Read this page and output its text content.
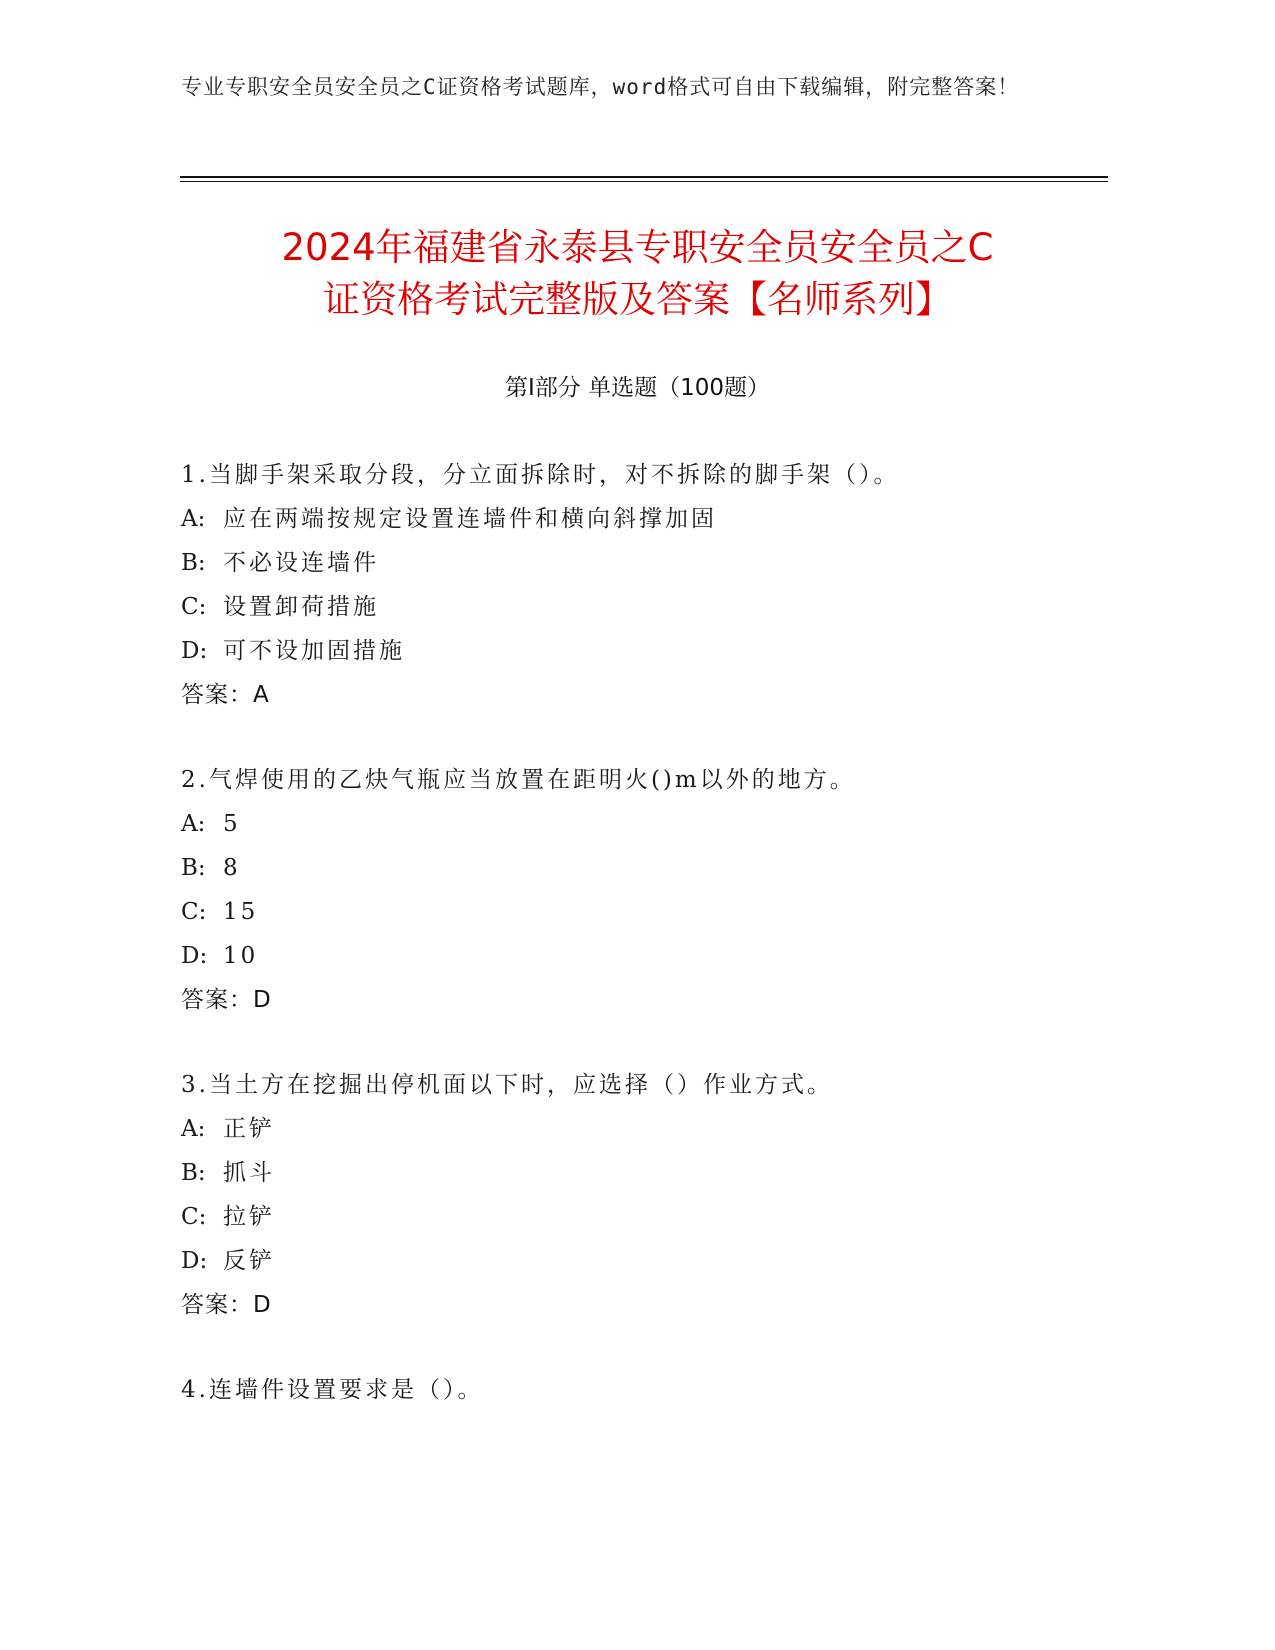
专业专职安全员安全员之C证资格考试题库，word格式可自由下载编辑，附完整答案！
2024年福建省永泰县专职安全员安全员之C
证资格考试完整版及答案【名师系列】
第Ⅰ部分 单选题（100题）
1.当脚手架采取分段，分立面拆除时，对不拆除的脚手架（）。
A: 应在两端按规定设置连墙件和横向斜撑加固
B: 不必设连墙件
C: 设置卸荷措施
D: 可不设加固措施
答案：A
2.气焊使用的乙炔气瓶应当放置在距明火()m以外的地方。
A: 5
B: 8
C: 15
D: 10
答案：D
3.当土方在挖掘出停机面以下时，应选择（）作业方式。
A: 正铲
B: 抓斗
C: 拉铲
D: 反铲
答案：D
4.连墙件设置要求是（）。
